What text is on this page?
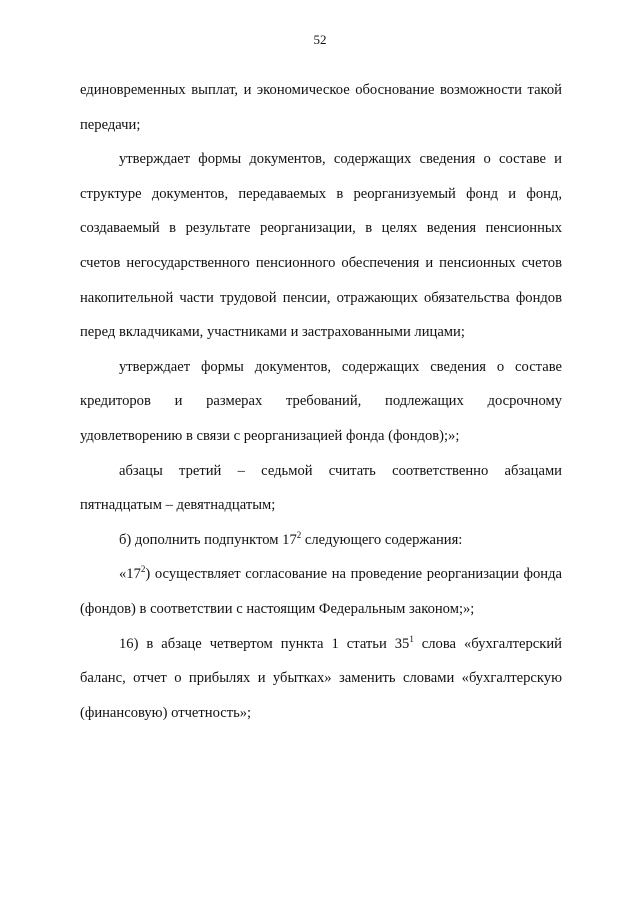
52

единовременных выплат, и экономическое обоснование возможности такой передачи;

утверждает формы документов, содержащих сведения о составе и структуре документов, передаваемых в реорганизуемый фонд и фонд, создаваемый в результате реорганизации, в целях ведения пенсионных счетов негосударственного пенсионного обеспечения и пенсионных счетов накопительной части трудовой пенсии, отражающих обязательства фондов перед вкладчиками, участниками и застрахованными лицами;

утверждает формы документов, содержащих сведения о составе кредиторов и размерах требований, подлежащих досрочному удовлетворению в связи с реорганизацией фонда (фондов);»;

абзацы третий – седьмой считать соответственно абзацами пятнадцатым – девятнадцатым;

б) дополнить подпунктом $17^2$ следующего содержания:

«$17^2$) осуществляет согласование на проведение реорганизации фонда (фондов) в соответствии с настоящим Федеральным законом;»;

16) в абзаце четвертом пункта 1 статьи $35^1$ слова «бухгалтерский баланс, отчет о прибылях и убытках» заменить словами «бухгалтерскую (финансовую) отчетность»;
